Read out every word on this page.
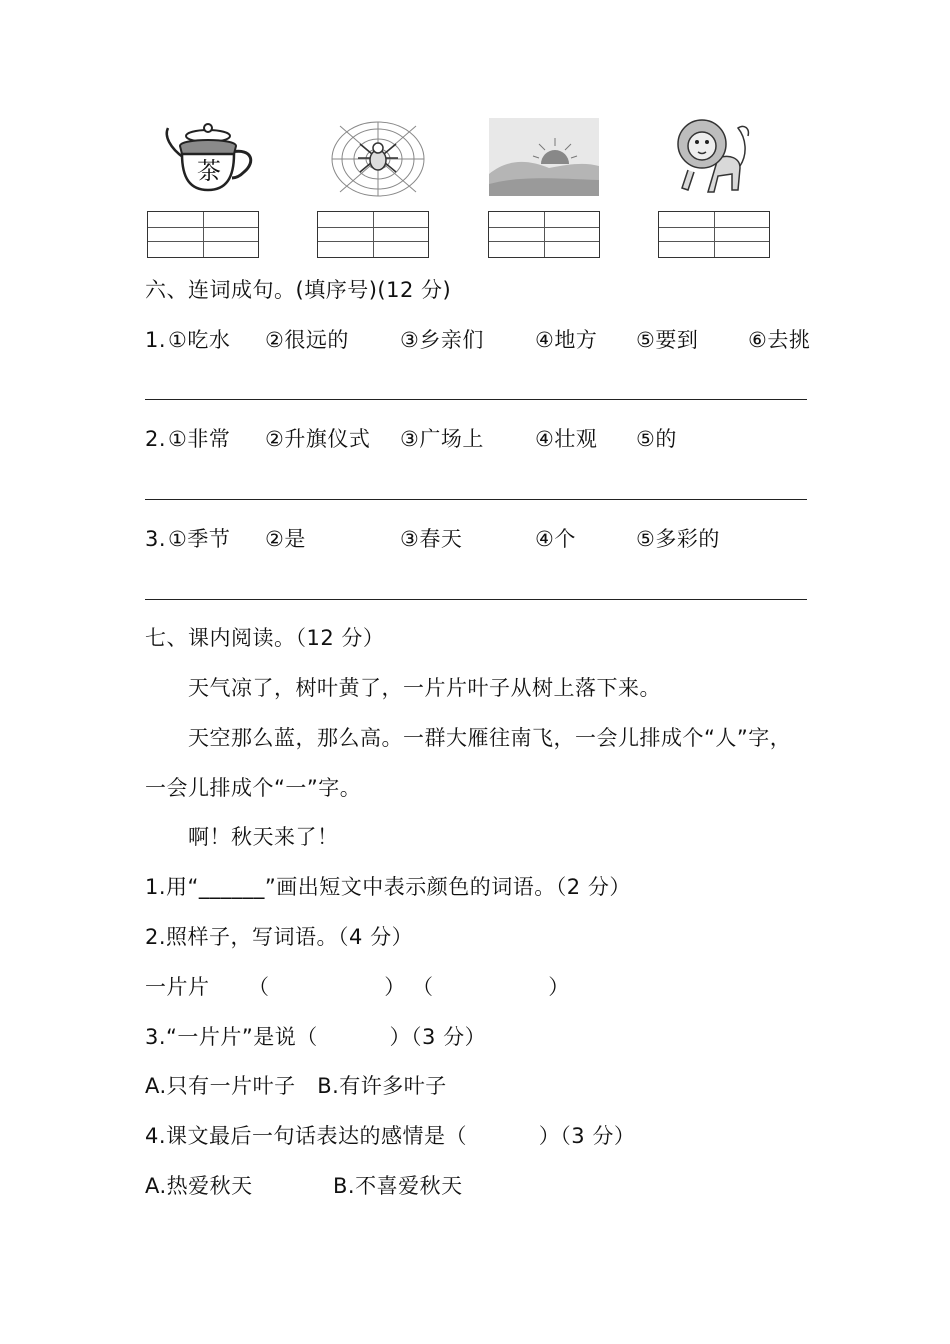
茶
六、连词成句。(填序号)(12 分)
1. ①吃水 ②很远的 ③乡亲们 ④地方 ⑤要到 ⑥去挑
2. ①非常 ②升旗仪式 ③广场上 ④壮观 ⑤的
3. ①季节 ②是	③春天	④个	⑤多彩的
七、课内阅读。（12 分）
天气凉了，树叶黄了，一片片叶子从树上落下来。
天空那么蓝，那么高。一群大雁往南飞，一会儿排成个“人”字，
一会儿排成个“一”字。
啊！秋天来了！
1.用“______”画出短文中表示颜色的词语。（2 分）
2.照样子，写词语。（4 分）
一片片 （                ） （                ）
3.“一片片”是说（          ）（3 分）
A.只有一片叶子   B.有许多叶子
4.课文最后一句话表达的感情是（          ）（3 分）
A.热爱秋天	B.不喜爱秋天
